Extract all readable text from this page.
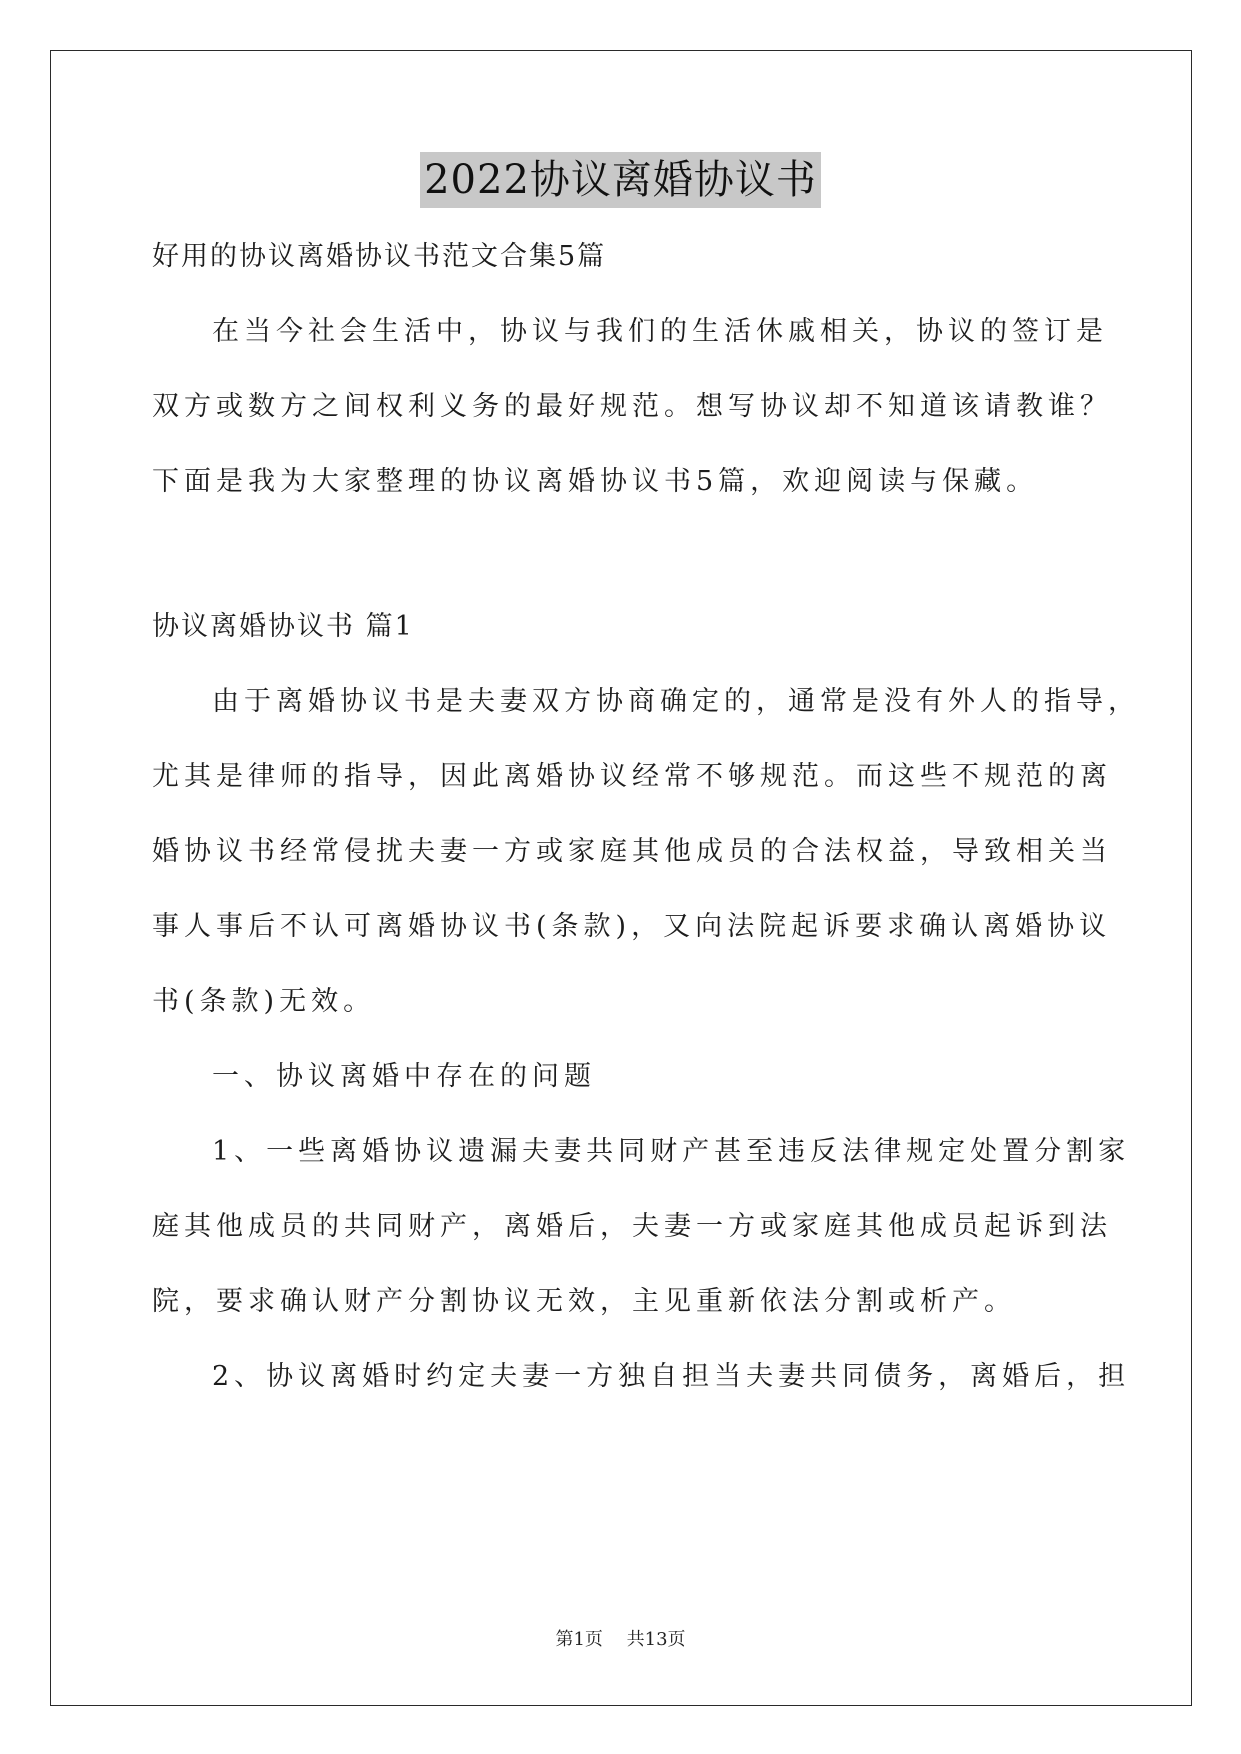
2022协议离婚协议书
好用的协议离婚协议书范文合集5篇
在当今社会生活中，协议与我们的生活休戚相关，协议的签订是
双方或数方之间权利义务的最好规范。想写协议却不知道该请教谁？
下面是我为大家整理的协议离婚协议书5篇，欢迎阅读与保藏。
协议离婚协议书 篇1
由于离婚协议书是夫妻双方协商确定的，通常是没有外人的指导，
尤其是律师的指导，因此离婚协议经常不够规范。而这些不规范的离
婚协议书经常侵扰夫妻一方或家庭其他成员的合法权益，导致相关当
事人事后不认可离婚协议书(条款)，又向法院起诉要求确认离婚协议
书(条款)无效。
一、协议离婚中存在的问题
1、一些离婚协议遗漏夫妻共同财产甚至违反法律规定处置分割家
庭其他成员的共同财产，离婚后，夫妻一方或家庭其他成员起诉到法
院，要求确认财产分割协议无效，主见重新依法分割或析产。
2、协议离婚时约定夫妻一方独自担当夫妻共同债务，离婚后，担
第1页 共13页
